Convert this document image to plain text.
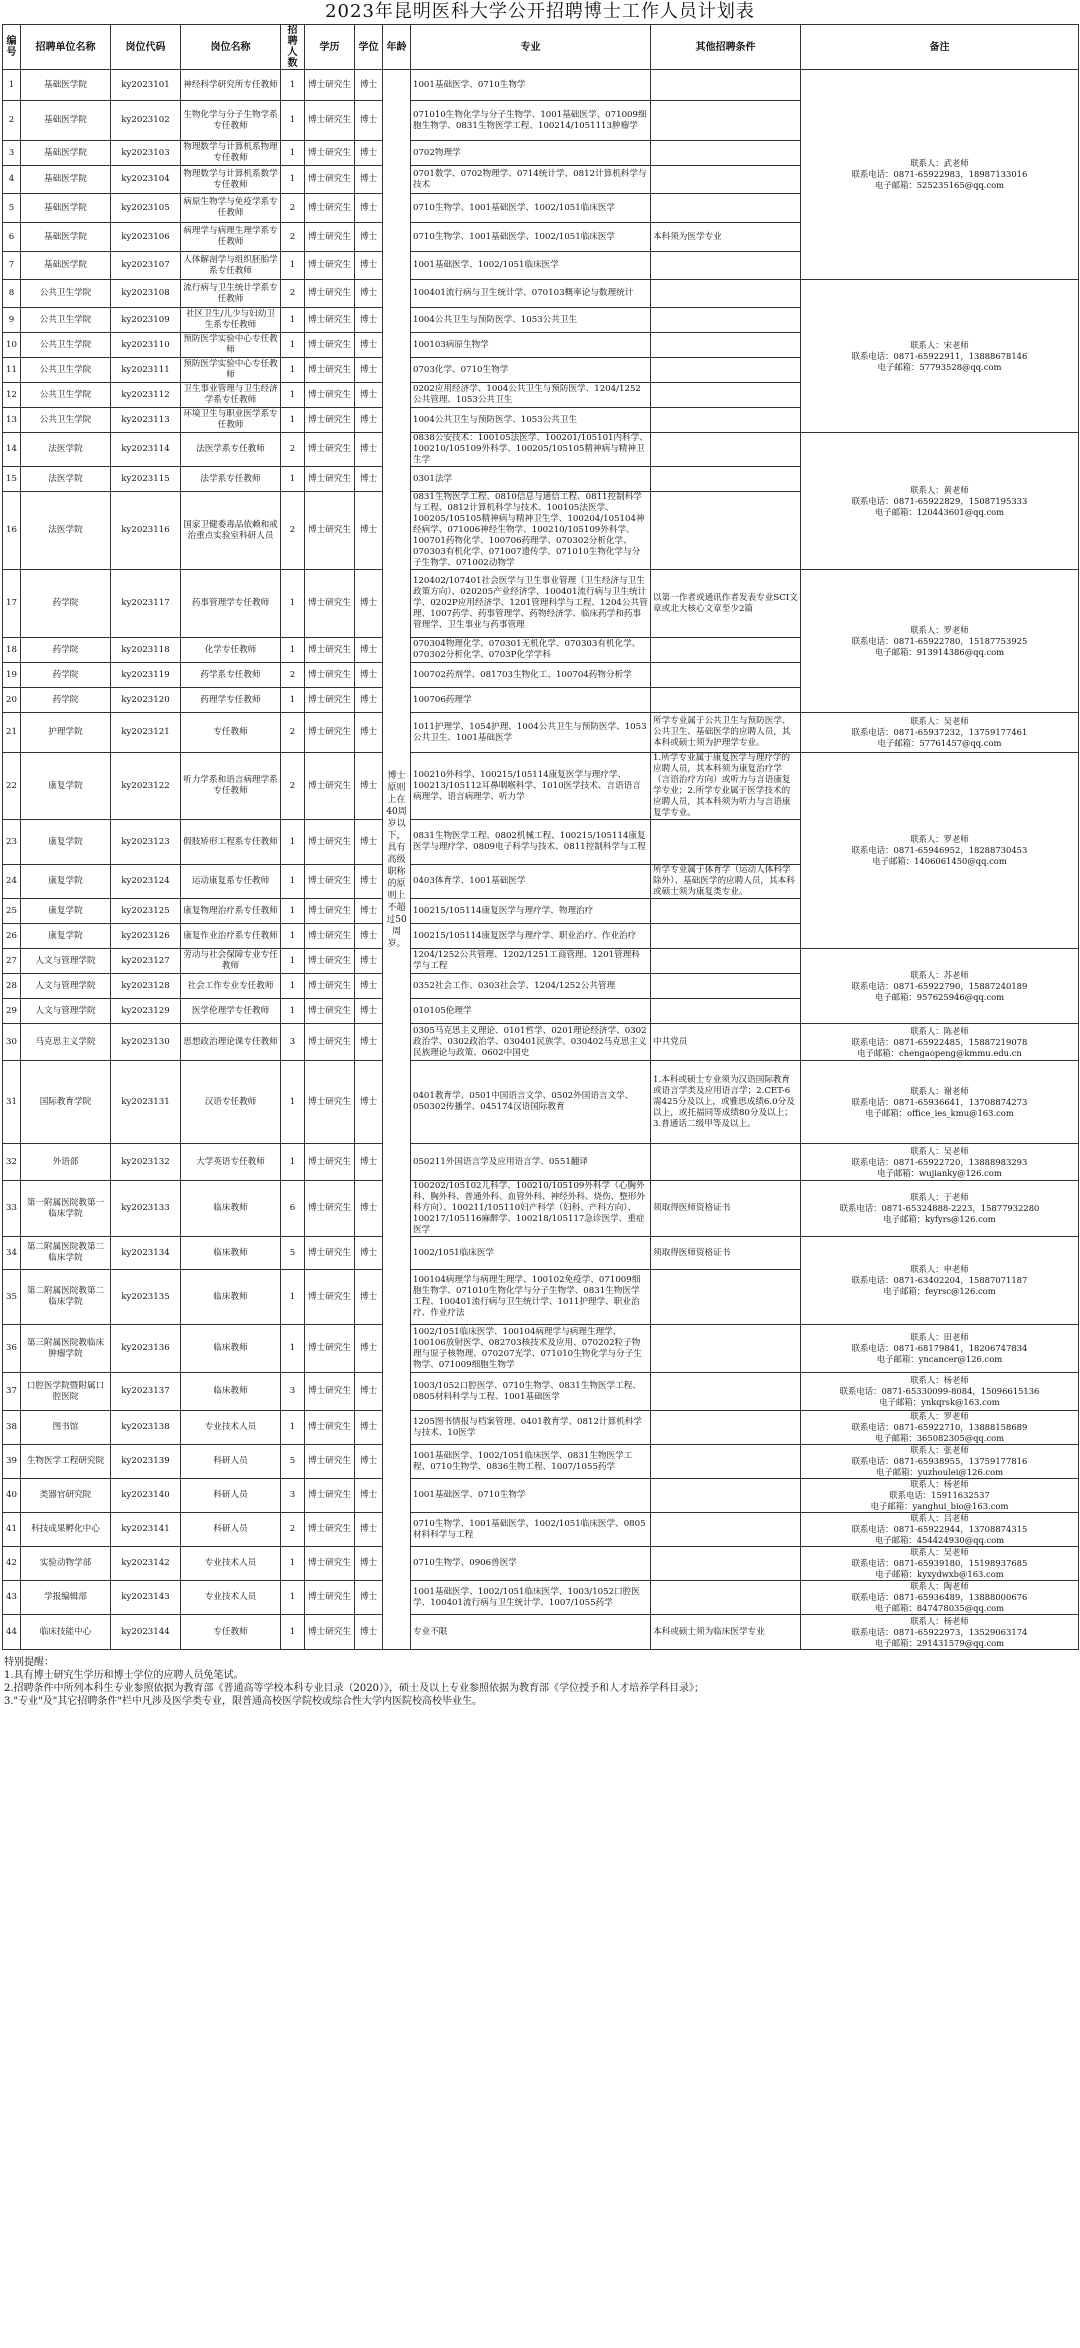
2023年昆明医科大学公开招聘博士工作人员计划表
编号	招聘单位名称	岗位代码	岗位名称	招聘人数	学历	学位	年龄	专业	其他招聘条件	备注
1	基础医学院	ky2023101	神经科学研究所专任教师	1	博士研究生	博士	博士原则上在40周岁以下，具有高级职称的原则上不超过50周岁。	1001基础医学、0710生物学		联系人：武老师
联系电话：0871-65922983，18987133016
电子邮箱：525235165@qq.com

2	基础医学院	ky2023102	生物化学与分子生物学系专任教师	1	博士研究生	博士		071010生物化学与分子生物学、1001基础医学、071009细胞生物学、0831生物医学工程、100214/1051113肿瘤学		
3	基础医学院	ky2023103	物理数学与计算机系物理专任教师	1	博士研究生	博士		0702物理学		
4	基础医学院	ky2023104	物理数学与计算机系数学专任教师	1	博士研究生	博士		0701数学、0702物理学、0714统计学、0812计算机科学与技术		
5	基础医学院	ky2023105	病原生物学与免疫学系专任教师	2	博士研究生	博士		0710生物学、1001基础医学、1002/1051临床医学		
6	基础医学院	ky2023106	病理学与病理生理学系专任教师	2	博士研究生	博士		0710生物学、1001基础医学、1002/1051临床医学	本科须为医学专业	
7	基础医学院	ky2023107	人体解剖学与组织胚胎学系专任教师	1	博士研究生	博士		1001基础医学、1002/1051临床医学		
8	公共卫生学院	ky2023108	流行病与卫生统计学系专任教师	2	博士研究生	博士		100401流行病与卫生统计学、070103概率论与数理统计		联系人：宋老师
联系电话：0871-65922911，13888678146
电子邮箱：57793528@qq.com

9	公共卫生学院	ky2023109	社区卫生/儿少与妇幼卫生系专任教师	1	博士研究生	博士		1004公共卫生与预防医学、1053公共卫生		
10	公共卫生学院	ky2023110	预防医学实验中心专任教师	1	博士研究生	博士		100103病原生物学		
11	公共卫生学院	ky2023111	预防医学实验中心专任教师	1	博士研究生	博士		0703化学、0710生物学		
12	公共卫生学院	ky2023112	卫生事业管理与卫生经济学系专任教师	1	博士研究生	博士		0202应用经济学、1004公共卫生与预防医学、1204/1252公共管理、1053公共卫生		
13	公共卫生学院	ky2023113	环境卫生与职业医学系专任教师	1	博士研究生	博士		1004公共卫生与预防医学、1053公共卫生		
14	法医学院	ky2023114	法医学系专任教师	2	博士研究生	博士		0838公安技术：100105法医学、100201/105101内科学、100210/105109外科学、100205/105105精神病与精神卫生学		联系人：黄老师
联系电话：0871-65922829，15087195333
电子邮箱：120443601@qq.com

15	法医学院	ky2023115	法学系专任教师	1	博士研究生	博士		0301法学		
16	法医学院	ky2023116	国家卫健委毒品依赖和戒治重点实验室科研人员	2	博士研究生	博士		0831生物医学工程、0810信息与通信工程、0811控制科学与工程、0812计算机科学与技术、100105法医学、100205/105105精神病与精神卫生学、100204/105104神经病学、071006神经生物学、100210/105109外科学、100701药物化学、100706药理学、070302分析化学、070303有机化学、071007遗传学、071010生物化学与分子生物学、071002动物学		
17	药学院	ky2023117	药事管理学专任教师	1	博士研究生	博士		120402/107401社会医学与卫生事业管理（卫生经济与卫生政策方向）、020205产业经济学、100401流行病与卫生统计学、0202P应用经济学、1201管理科学与工程、1204公共管理、1007药学、药事管理学、药物经济学、临床药学和药事管理学、卫生事业与药事管理	以第一作者或通讯作者发表专业SCI文章或北大核心文章至少2篇	联系人：罗老师
联系电话：0871-65922780，15187753925
电子邮箱：913914386@qq.com

18	药学院	ky2023118	化学专任教师	1	博士研究生	博士		070304物理化学、070301无机化学、070303有机化学、070302分析化学、0703P化学学科		
19	药学院	ky2023119	药学系专任教师	2	博士研究生	博士		100702药剂学、081703生物化工、100704药物分析学		
20	药学院	ky2023120	药理学专任教师	1	博士研究生	博士		100706药理学		
21	护理学院	ky2023121	专任教师	2	博士研究生	博士		1011护理学、1054护理、1004公共卫生与预防医学、1053公共卫生、1001基础医学	所学专业属于公共卫生与预防医学、公共卫生、基础医学的应聘人员，其本科或硕士须为护理学专业。	联系人：吴老师
联系电话：0871-65937232，13759177461
电子邮箱：57761457@qq.com

22	康复学院	ky2023122	听力学系和语言病理学系专任教师	2	博士研究生	博士		100210外科学、100215/105114康复医学与理疗学、100213/105112耳鼻咽喉科学、1010医学技术、言语语言病理学、语言病理学、听力学	1.所学专业属于康复医学与理疗学的应聘人员，其本科须为康复治疗学（言语治疗方向）或听力与言语康复学专业；2.所学专业属于医学技术的应聘人员，其本科须为听力与言语康复学专业。	联系人：罗老师
联系电话：0871-65946952，18288730453
电子邮箱：1406061450@qq.com

23	康复学院	ky2023123	假肢矫形工程系专任教师	1	博士研究生	博士		0831生物医学工程、0802机械工程、100215/105114康复医学与理疗学、0809电子科学与技术、0811控制科学与工程		
24	康复学院	ky2023124	运动康复系专任教师	1	博士研究生	博士		0403体育学、1001基础医学	所学专业属于体育学（运动人体科学除外）、基础医学的应聘人员，其本科或硕士须为康复类专业。	
25	康复学院	ky2023125	康复物理治疗系专任教师	1	博士研究生	博士		100215/105114康复医学与理疗学、物理治疗		
26	康复学院	ky2023126	康复作业治疗系专任教师	1	博士研究生	博士		100215/105114康复医学与理疗学、职业治疗、作业治疗		
27	人文与管理学院	ky2023127	劳动与社会保障专业专任教师	1	博士研究生	博士		1204/1252公共管理、1202/1251工商管理、1201管理科学与工程		联系人：苏老师
联系电话：0871-65922790，15887240189
电子邮箱：957625946@qq.com

28	人文与管理学院	ky2023128	社会工作专业专任教师	1	博士研究生	博士		0352社会工作、0303社会学、1204/1252公共管理		
29	人文与管理学院	ky2023129	医学伦理学专任教师	1	博士研究生	博士		010105伦理学		
30	马克思主义学院	ky2023130	思想政治理论课专任教师	3	博士研究生	博士		0305马克思主义理论、0101哲学、0201理论经济学、0302政治学、0302政治学、030401民族学、030402马克思主义民族理论与政策、0602中国史	中共党员	联系人：陈老师
联系电话：0871-65922485，15887219078
电子邮箱：chengaopeng@kmmu.edu.cn

31	国际教育学院	ky2023131	汉语专任教师	1	博士研究生	博士		0401教育学、0501中国语言文学、0502外国语言文学、050302传播学、045174汉语国际教育	1.本科或硕士专业须为汉语国际教育或语言学类及应用语言学；2.CET-6需425分及以上，或雅思成绩6.0分及以上，或托福同等成绩80分及以上；3.普通话二级甲等及以上。	联系人：谢老师
联系电话：0871-65936641，13708874273
电子邮箱：office_ies_kmu@163.com

32	外语部	ky2023132	大学英语专任教师	1	博士研究生	博士		050211外国语言学及应用语言学、0551翻译		联系人：吴老师
联系电话：0871-65922720，13888983293
电子邮箱：wujianky@126.com

33	第一附属医院教第一临床学院	ky2023133	临床教师	6	博士研究生	博士		100202/105102儿科学、100210/105109外科学（心胸外科、胸外科、普通外科、血管外科、神经外科、烧伤、整形外科方向）、100211/105110妇产科学（妇科、产科方向）、100217/105116麻醉学、100218/105117急诊医学、重症医学	须取得医师资格证书	联系人：于老师
联系电话：0871-65324888-2223，15877932280
电子邮箱：kyfyrs@126.com

34	第二附属医院教第二临床学院	ky2023134	临床教师	5	博士研究生	博士		1002/1051临床医学	须取得医师资格证书	联系人：申老师
联系电话：0871-63402204，15887071187
电子邮箱：feyrsc@126.com

35	第二附属医院教第二临床学院	ky2023135	临床教师	1	博士研究生	博士		100104病理学与病理生理学、100102免疫学、071009细胞生物学、071010生物化学与分子生物学、0831生物医学工程、100401流行病与卫生统计学、1011护理学、职业治疗、作业疗法		
36	第三附属医院教临床肿瘤学院	ky2023136	临床教师	1	博士研究生	博士		1002/1051临床医学、100104病理学与病理生理学、100106放射医学、082703核技术及应用、070202粒子物理与原子核物理、070207光学、071010生物化学与分子生物学、071009细胞生物学		联系人：田老师
联系电话：0871-68179841，18206747834
电子邮箱：yncancer@126.com

37	口腔医学院暨附属口腔医院	ky2023137	临床教师	3	博士研究生	博士		1003/1052口腔医学、0710生物学、0831生物医学工程、0805材料科学与工程、1001基础医学		联系人：杨老师
联系电话：0871-65330099-8084，15096615136
电子邮箱：ynkqrsk@163.com

38	图书馆	ky2023138	专业技术人员	1	博士研究生	博士		1205图书情报与档案管理、0401教育学、0812计算机科学与技术、10医学		联系人：罗老师
联系电话：0871-65922710，13888158689
电子邮箱：365082305@qq.com

39	生物医学工程研究院	ky2023139	科研人员	5	博士研究生	博士		1001基础医学、1002/1051临床医学、0831生物医学工程、0710生物学、0836生物工程、1007/1055药学		联系人：张老师
联系电话：0871-65938955，13759177816
电子邮箱：yuzhoulei@126.com

40	类器官研究院	ky2023140	科研人员	3	博士研究生	博士		1001基础医学、0710生物学		联系人：杨老师
联系电话：15911632537
电子邮箱：yanghui_bio@163.com

41	科技成果孵化中心	ky2023141	科研人员	2	博士研究生	博士		0710生物学、1001基础医学、1002/1051临床医学、0805材料科学与工程		联系人：吕老师
联系电话：0871-65922944，13708874315
电子邮箱：454424930@qq.com

42	实验动物学部	ky2023142	专业技术人员	1	博士研究生	博士		0710生物学、0906兽医学		联系人：吴老师
联系电话：0871-65939180，15198937685
电子邮箱：kyxydwxb@163.com

43	学报编辑部	ky2023143	专业技术人员	1	博士研究生	博士		1001基础医学、1002/1051临床医学、1003/1052口腔医学、100401流行病与卫生统计学、1007/1055药学		联系人：陶老师
联系电话：0871-65936489，13888000676
电子邮箱：847478035@qq.com

44	临床技能中心	ky2023144	专任教师	1	博士研究生	博士		专业不限	本科或硕士须为临床医学专业	联系人：杨老师
联系电话：0871-65922973，13529063174
电子邮箱：291431579@qq.com
特别提醒：
1.具有博士研究生学历和博士学位的应聘人员免笔试。
2.招聘条件中所列本科生专业参照依据为教育部《普通高等学校本科专业目录（2020）》，硕士及以上专业参照依据为教育部《学位授予和人才培养学科目录》；
3."专业"及"其它招聘条件"栏中凡涉及医学类专业，限普通高校医学院校或综合性大学内医院校高校毕业生。
